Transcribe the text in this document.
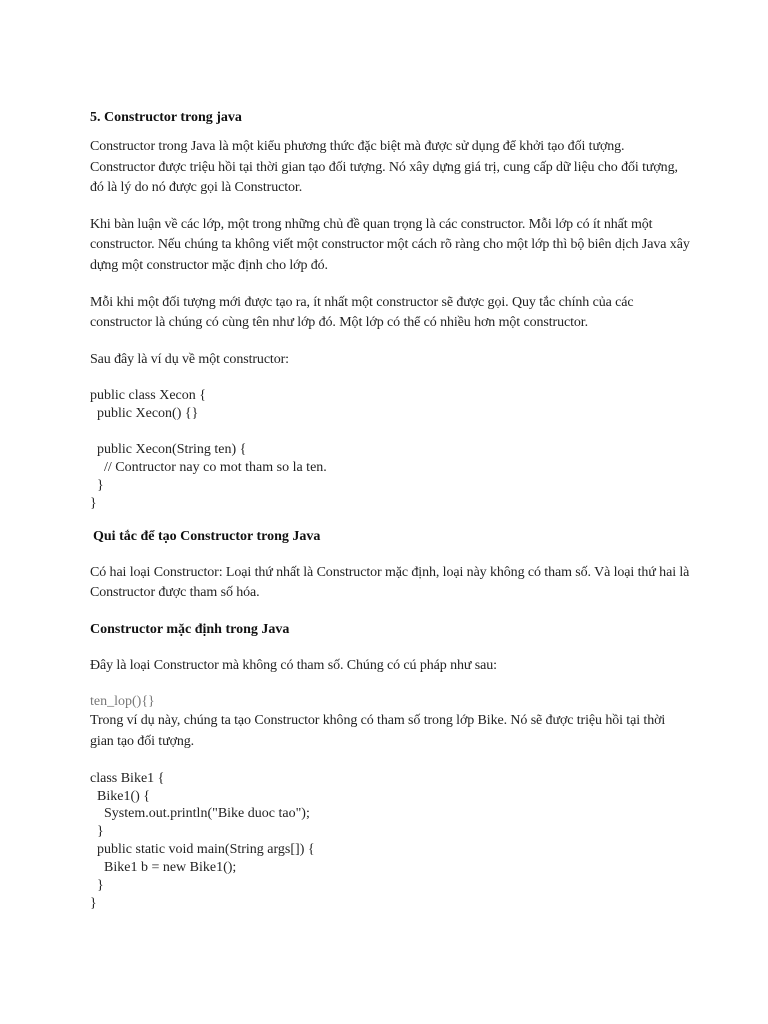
5. Constructor trong java

Constructor trong Java là một kiểu phương thức đặc biệt mà được sử dụng để khởi tạo đối tượng. Constructor được triệu hồi tại thời gian tạo đối tượng. Nó xây dựng giá trị, cung cấp dữ liệu cho đối tượng, đó là lý do nó được gọi là Constructor.

Khi bàn luận về các lớp, một trong những chủ đề quan trọng là các constructor. Mỗi lớp có ít nhất một constructor. Nếu chúng ta không viết một constructor một cách rõ ràng cho một lớp thì bộ biên dịch Java xây dựng một constructor mặc định cho lớp đó.

Mỗi khi một đối tượng mới được tạo ra, ít nhất một constructor sẽ được gọi. Quy tắc chính của các constructor là chúng có cùng tên như lớp đó. Một lớp có thể có nhiều hơn một constructor.

Sau đây là ví dụ về một constructor:

public class Xecon {
public Xecon() {}

public Xecon(String ten) {
// Contructor nay co mot tham so la ten.
}
}
Qui tắc để tạo Constructor trong Java

Có hai loại Constructor: Loại thứ nhất là Constructor mặc định, loại này không có tham số. Và loại thứ hai là Constructor được tham số hóa.

Constructor mặc định trong Java

Đây là loại Constructor mà không có tham số. Chúng có cú pháp như sau:

ten_lop(){}

Trong ví dụ này, chúng ta tạo Constructor không có tham số trong lớp Bike. Nó sẽ được triệu hồi tại thời gian tạo đối tượng.

class Bike1 {
Bike1() {
System.out.println("Bike duoc tao");
}
public static void main(String args[]) {
Bike1 b = new Bike1();
}
}
